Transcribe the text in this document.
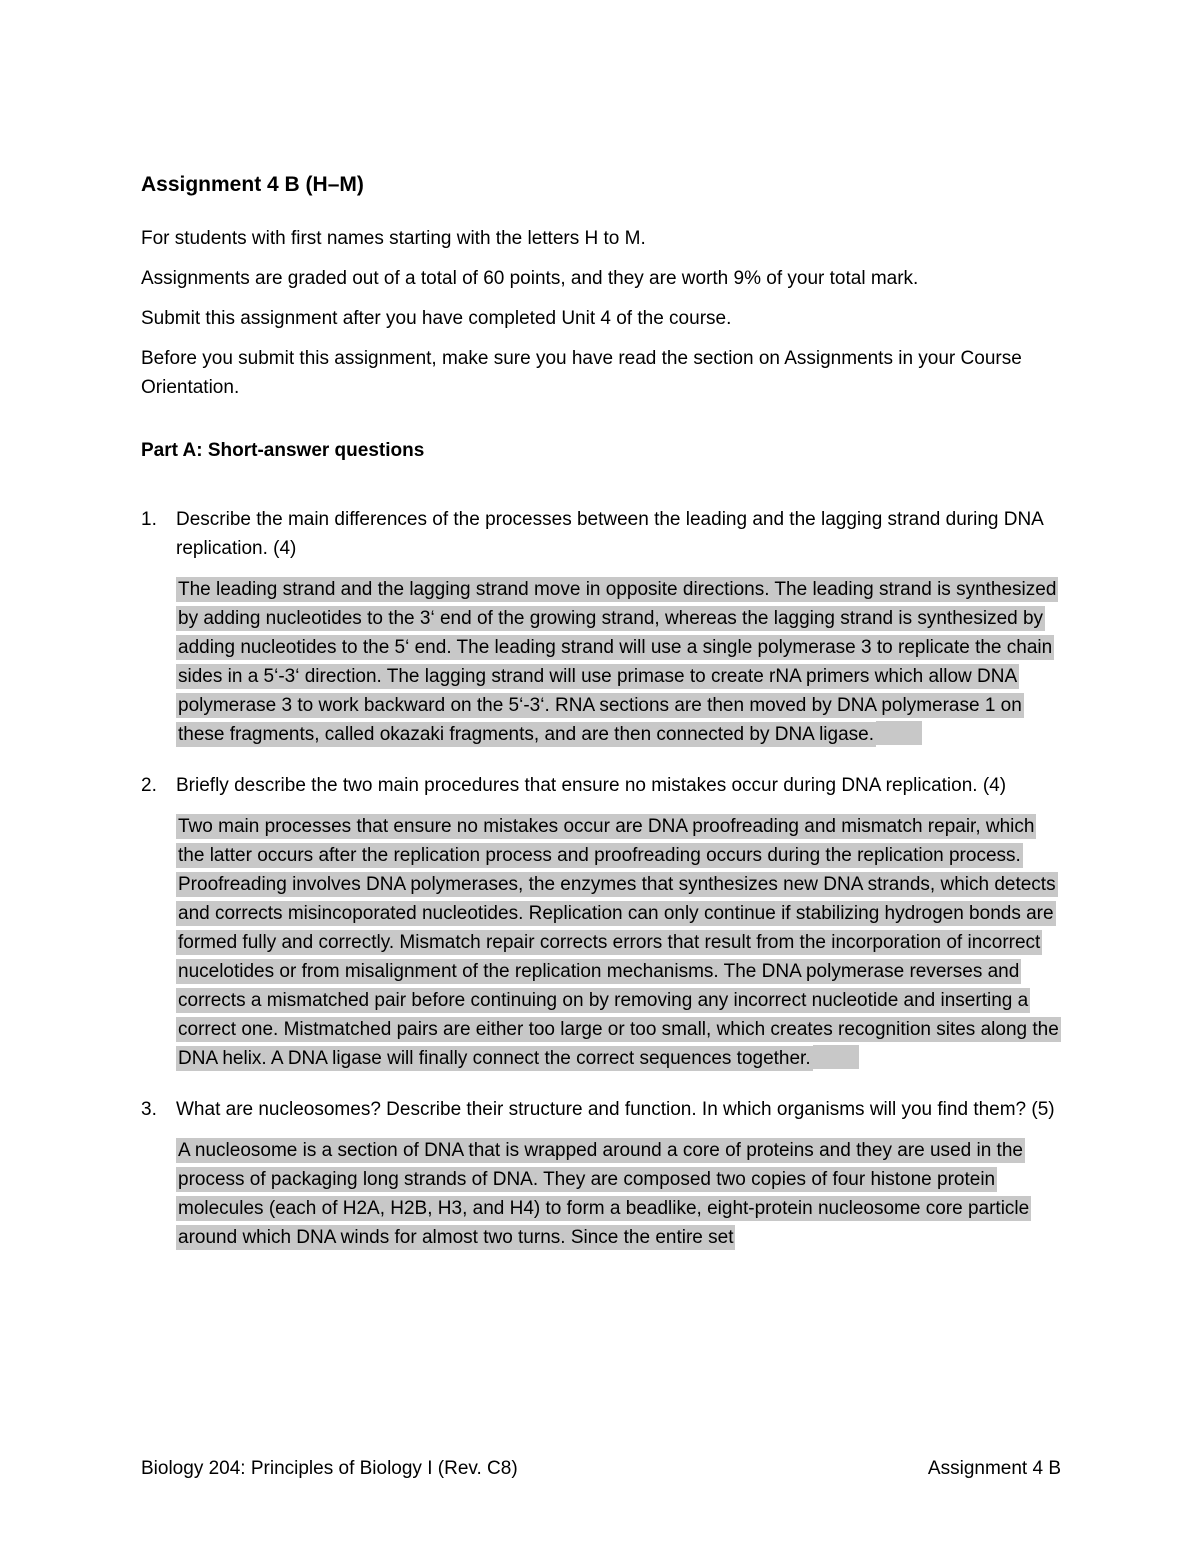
Assignment 4 B (H–M)

For students with first names starting with the letters H to M.

Assignments are graded out of a total of 60 points, and they are worth 9% of your total mark.

Submit this assignment after you have completed Unit 4 of the course.

Before you submit this assignment, make sure you have read the section on Assignments in your Course Orientation.

Part A: Short-answer questions
1. Describe the main differences of the processes between the leading and the lagging strand during DNA replication. (4)

The leading strand and the lagging strand move in opposite directions. The leading strand is synthesized by adding nucleotides to the 3‘ end of the growing strand, whereas the lagging strand is synthesized by adding nucleotides to the 5‘ end. The leading strand will use a single polymerase 3 to replicate the chain sides in a 5‘-3‘ direction. The lagging strand will use primase to create rNA primers which allow DNA polymerase 3 to work backward on the 5‘-3‘. RNA sections are then moved by DNA polymerase 1 on these fragments, called okazaki fragments, and are then connected by DNA ligase.
2. Briefly describe the two main procedures that ensure no mistakes occur during DNA replication. (4)

Two main processes that ensure no mistakes occur are DNA proofreading and mismatch repair, which the latter occurs after the replication process and proofreading occurs during the replication process. Proofreading involves DNA polymerases, the enzymes that synthesizes new DNA strands, which detects and corrects misincoporated nucleotides. Replication can only continue if stabilizing hydrogen bonds are formed fully and correctly. Mismatch repair corrects errors that result from the incorporation of incorrect nucelotides or from misalignment of the replication mechanisms. The DNA polymerase reverses and corrects a mismatched pair before continuing on by removing any incorrect nucleotide and inserting a correct one. Mistmatched pairs are either too large or too small, which creates recognition sites along the DNA helix. A DNA ligase will finally connect the correct sequences together.
3. What are nucleosomes? Describe their structure and function. In which organisms will you find them? (5)

A nucleosome is a section of DNA that is wrapped around a core of proteins and they are used in the process of packaging long strands of DNA. They are composed two copies of four histone protein molecules (each of H2A, H2B, H3, and H4) to form a beadlike, eight-protein nucleosome core particle around which DNA winds for almost two turns. Since the entire set
Biology 204: Principles of Biology I (Rev. C8)	Assignment 4 B
